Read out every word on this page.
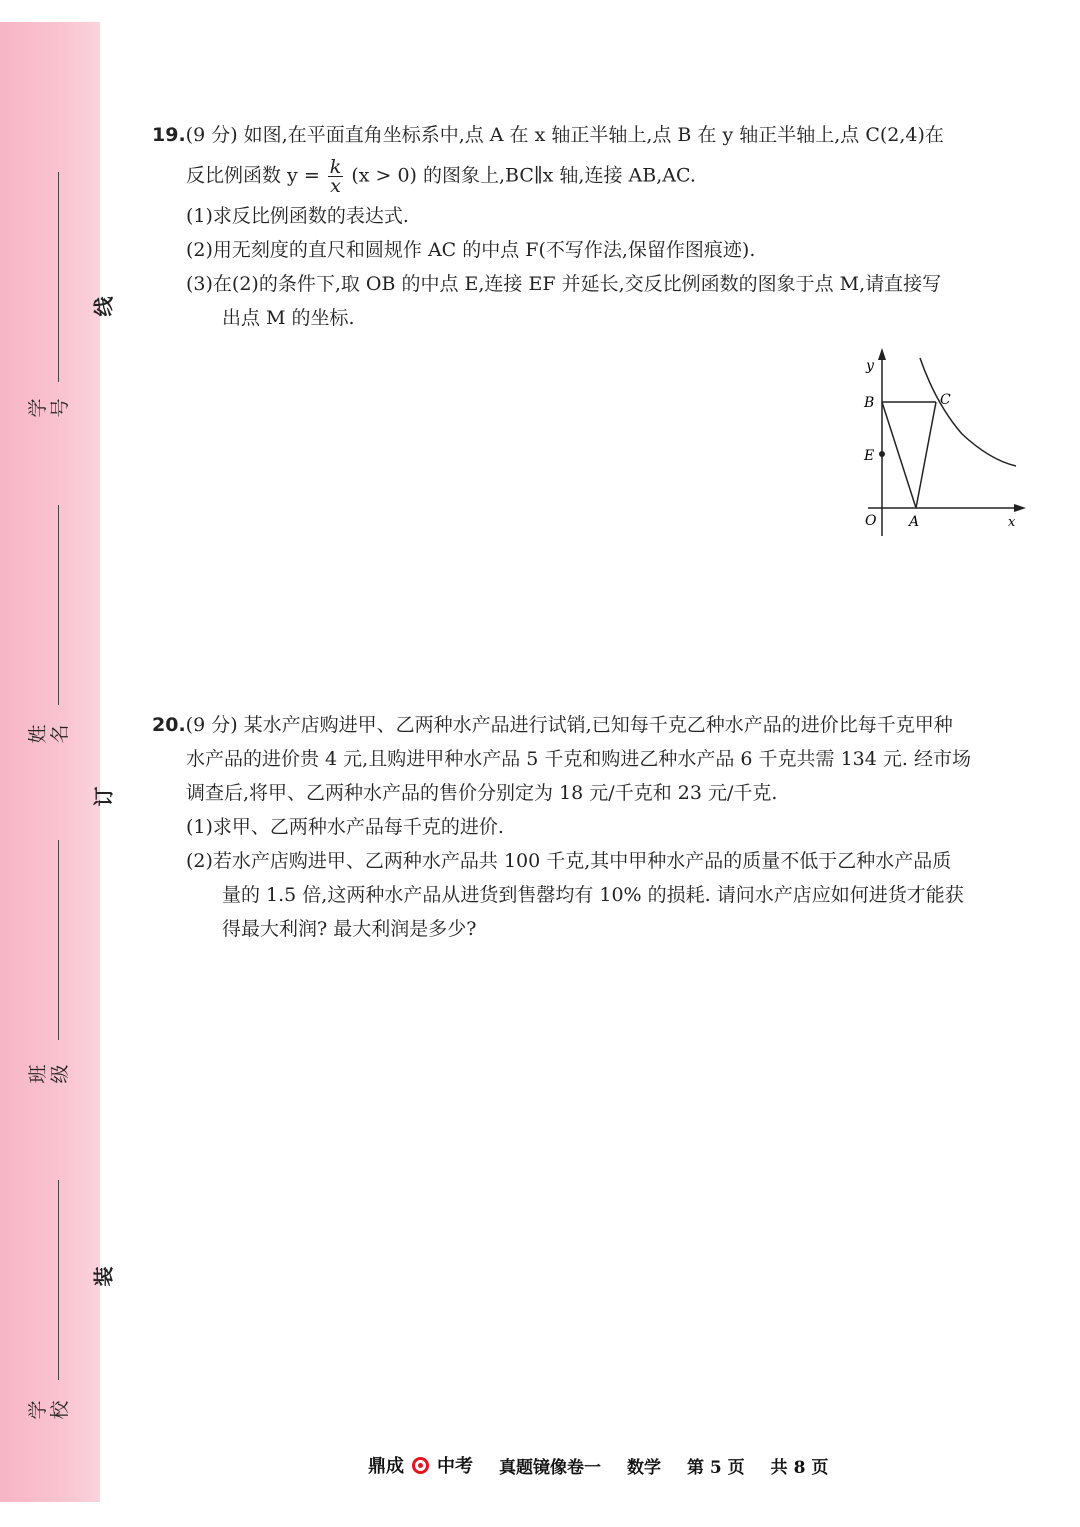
学号
姓名
班级
学校
线
订
装
19. (9 分) 如图,在平面直角坐标系中,点 A 在 x 轴正半轴上,点 B 在 y 轴正半轴上,点 C(2,4)在
反比例函数 $y = \frac{k}{x} (x > 0)$ 的图象上,BC∥x 轴,连接 AB,AC.
(1)求反比例函数的表达式.
(2)用无刻度的直尺和圆规作 AC 的中点 F(不写作法,保留作图痕迹).
(3)在(2)的条件下,取 OB 的中点 E,连接 EF 并延长,交反比例函数的图象于点 M,请直接写
出点 M 的坐标.
y
B	C
E
O A	x
20. (9 分) 某水产店购进甲、乙两种水产品进行试销,已知每千克乙种水产品的进价比每千克甲种
水产品的进价贵 4 元,且购进甲种水产品 5 千克和购进乙种水产品 6 千克共需 134 元. 经市场
调查后,将甲、乙两种水产品的售价分别定为 18 元/千克和 23 元/千克.
(1)求甲、乙两种水产品每千克的进价.
(2)若水产店购进甲、乙两种水产品共 100 千克,其中甲种水产品的质量不低于乙种水产品质
量的 1.5 倍,这两种水产品从进货到售罄均有 10% 的损耗. 请问水产店应如何进货才能获
得最大利润? 最大利润是多少?
鼎成 中考 真题镜像卷一 数学 第 5 页 共 8 页
